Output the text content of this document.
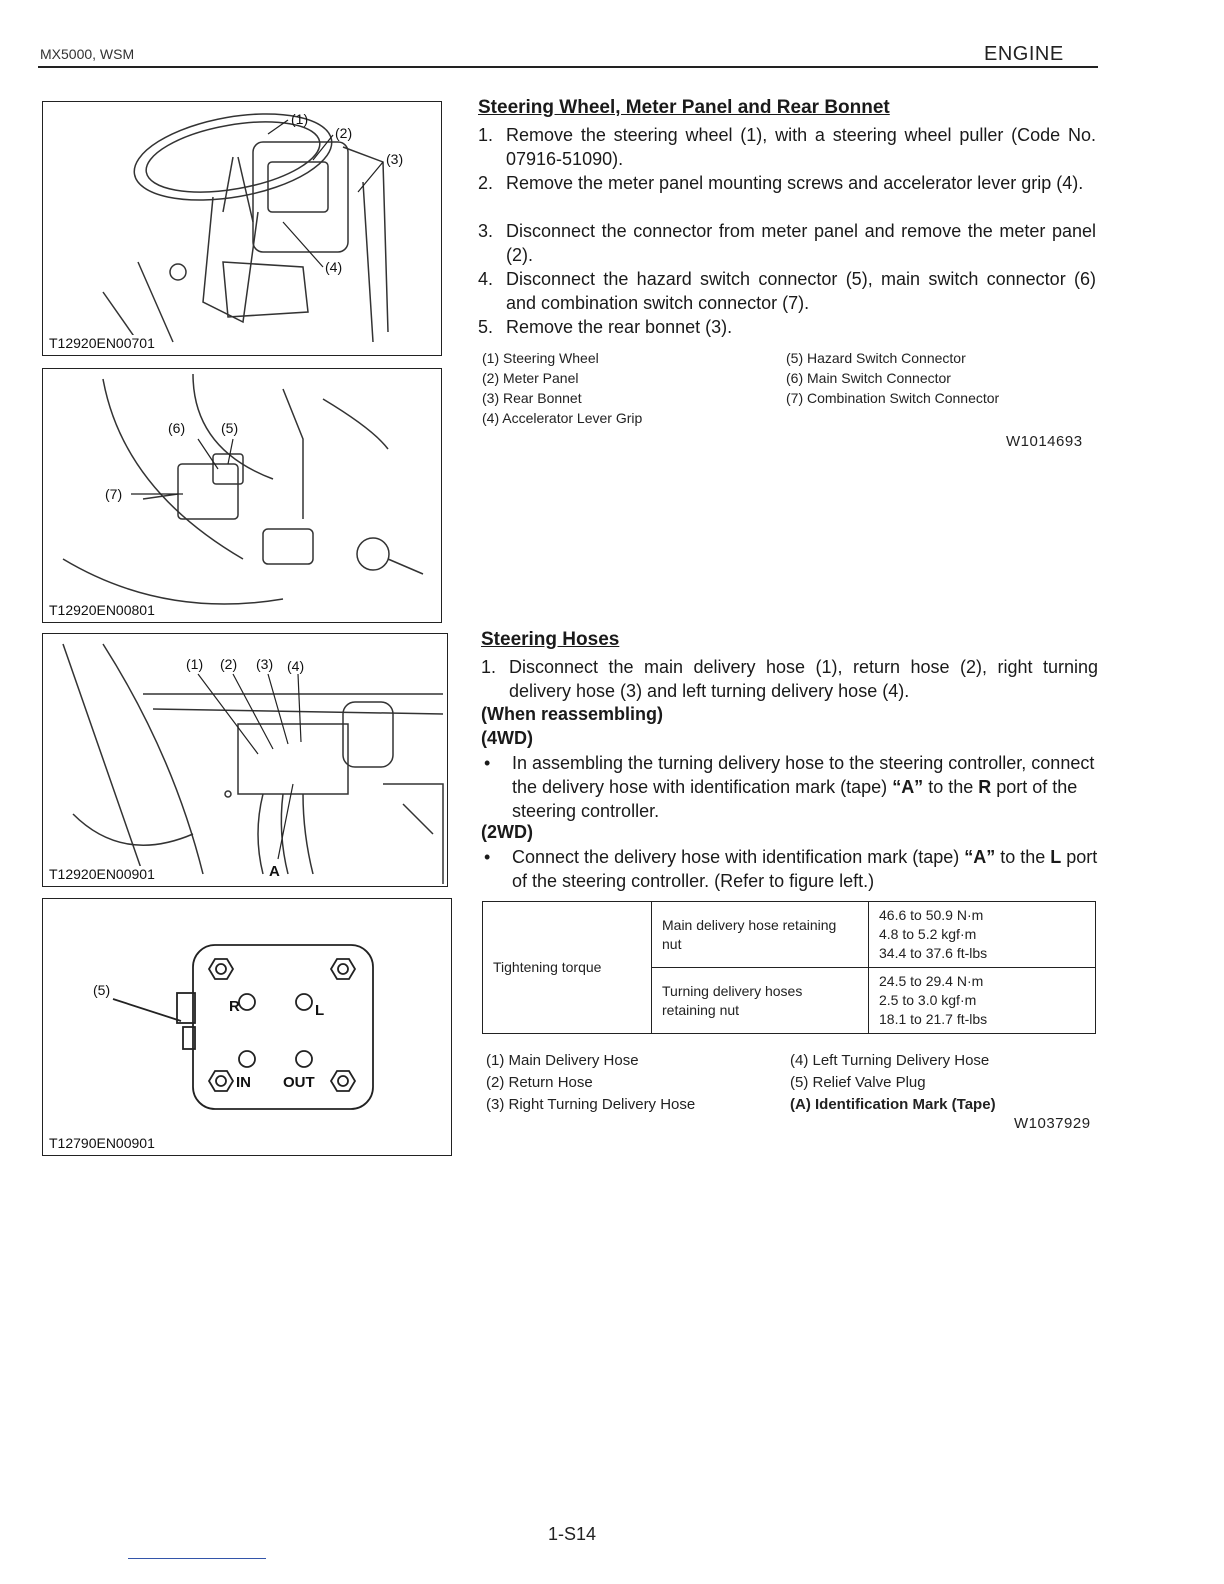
MX5000, WSM	ENGINE
(1)
(2)
(3)
(4)
T12920EN00701
(6)	(5)
(7)
T12920EN00801
(1) (2) (3) (4)
A
T12920EN00901
(5)
R	L
IN OUT
T12790EN00901
Steering Wheel, Meter Panel and Rear Bonnet
1. Remove the steering wheel (1), with a steering wheel puller (Code No. 07916-51090).
2. Remove the meter panel mounting screws and accelerator lever grip (4).
3. Disconnect the connector from meter panel and remove the meter panel (2).
4. Disconnect the hazard switch connector (5), main switch connector (6) and combination switch connector (7).
5. Remove the rear bonnet (3).
(1) Steering Wheel
(2) Meter Panel
(3) Rear Bonnet
(4) Accelerator Lever Grip
(5) Hazard Switch Connector
(6) Main Switch Connector
(7) Combination Switch Connector
W1014693
Steering Hoses
1. Disconnect the main delivery hose (1), return hose (2), right turning delivery hose (3) and left turning delivery hose (4).
(When reassembling)
(4WD)
• In assembling the turning delivery hose to the steering controller, connect the delivery hose with identification mark (tape) “A” to the R port of the steering controller.
(2WD)
• Connect the delivery hose with identification mark (tape) “A” to the L port of the steering controller. (Refer to figure left.)
Tightening torque	Main delivery hose retaining nut	46.6 to 50.9 N·m
4.8 to 5.2 kgf·m
34.4 to 37.6 ft-lbs

	Turning delivery hoses retaining nut	24.5 to 29.4 N·m
2.5 to 3.0 kgf·m
18.1 to 21.7 ft-lbs
(1) Main Delivery Hose
(2) Return Hose
(3) Right Turning Delivery Hose
(4) Left Turning Delivery Hose
(5) Relief Valve Plug
(A) Identification Mark (Tape)
W1037929
1-S14
